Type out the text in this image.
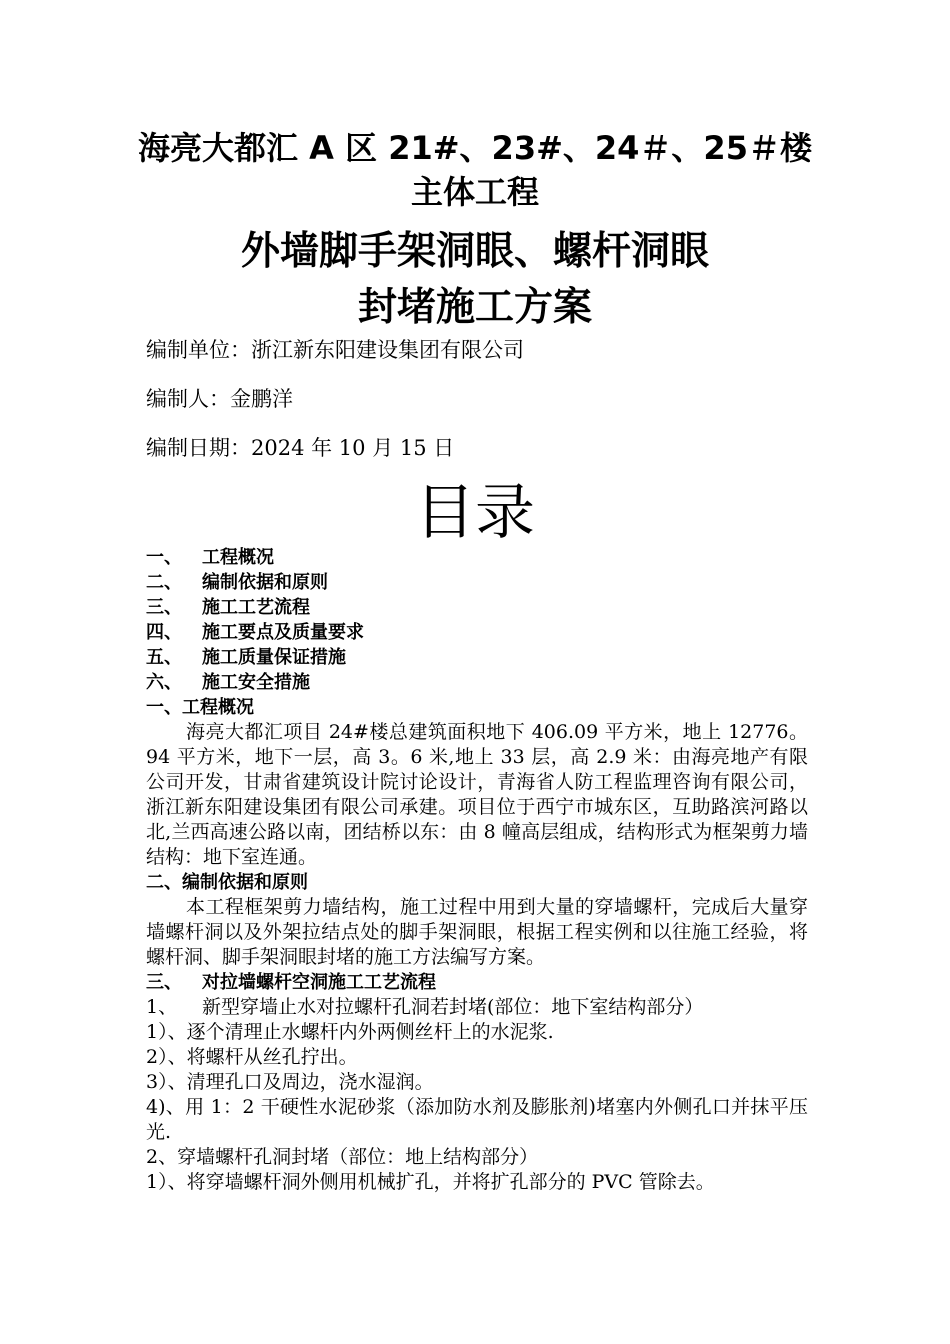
海亮大都汇 A 区 21#、23#、24＃、25＃楼
主体工程
外墙脚手架洞眼、螺杆洞眼
封堵施工方案
编制单位：浙江新东阳建设集团有限公司
编制人：金鹏洋
编制日期：2024 年 10 月 15 日
目录
一、 工程概况
二、 编制依据和原则
三、 施工工艺流程
四、 施工要点及质量要求
五、 施工质量保证措施
六、 施工安全措施
一、工程概况
海亮大都汇项目 24#楼总建筑面积地下 406.09 平方米，地上 12776。94 平方米，地下一层，高 3。6 米,地上 33 层，高 2.9 米：由海亮地产有限公司开发，甘肃省建筑设计院讨论设计，青海省人防工程监理咨询有限公司，浙江新东阳建设集团有限公司承建。项目位于西宁市城东区，互助路滨河路以北,兰西高速公路以南，团结桥以东：由 8 幢高层组成，结构形式为框架剪力墙结构：地下室连通。
二、编制依据和原则
本工程框架剪力墙结构，施工过程中用到大量的穿墙螺杆，完成后大量穿墙螺杆洞以及外架拉结点处的脚手架洞眼，根据工程实例和以往施工经验，将螺杆洞、脚手架洞眼封堵的施工方法编写方案。
三、 对拉墙螺杆空洞施工工艺流程
1、 新型穿墙止水对拉螺杆孔洞若封堵(部位：地下室结构部分）
1）、逐个清理止水螺杆内外两侧丝杆上的水泥浆.
2）、将螺杆从丝孔拧出。
3）、清理孔口及周边，浇水湿润。
4)、用 1：2 干硬性水泥砂浆（添加防水剂及膨胀剂)堵塞内外侧孔口并抹平压光.
2、穿墙螺杆孔洞封堵（部位：地上结构部分）
1）、将穿墙螺杆洞外侧用机械扩孔，并将扩孔部分的 PVC 管除去。
